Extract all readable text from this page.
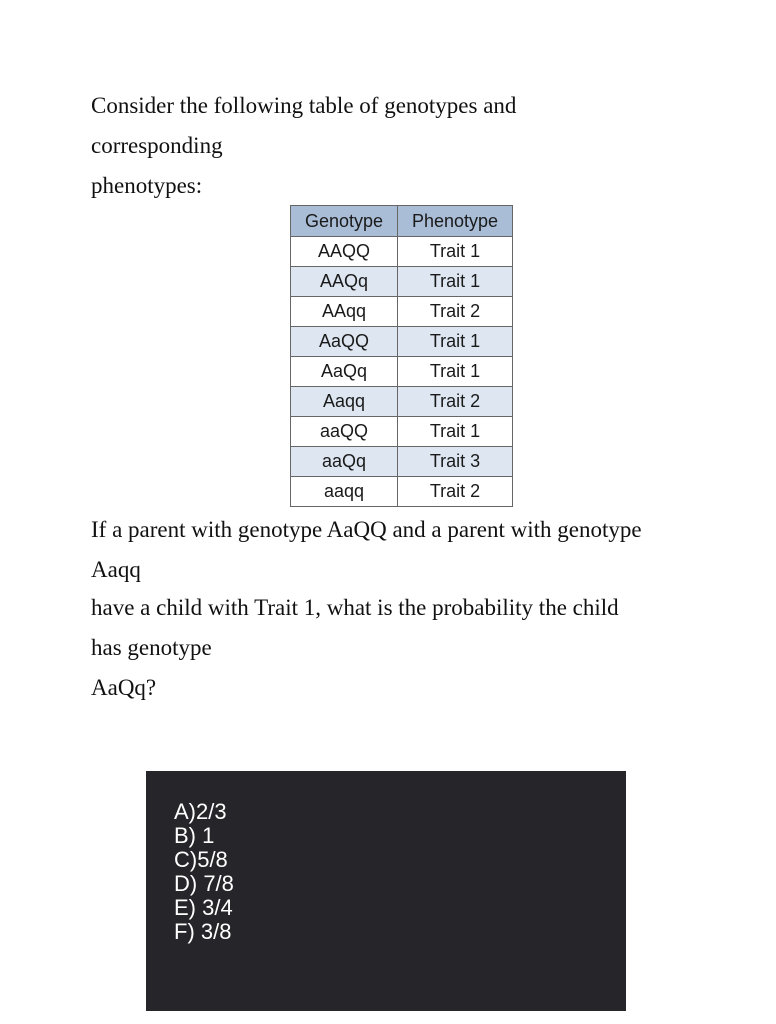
Consider the following table of genotypes and
corresponding
phenotypes:
Genotype	Phenotype
AAQQ	Trait 1
AAQq	Trait 1
AAqq	Trait 2
AaQQ	Trait 1
AaQq	Trait 1
Aaqq	Trait 2
aaQQ	Trait 1
aaQq	Trait 3
aaqq	Trait 2
If a parent with genotype AaQQ and a parent with genotype
Aaqq
have a child with Trait 1, what is the probability the child
has genotype
AaQq?
A)2/3
B) 1
C)5/8
D) 7/8
E) 3/4
F) 3/8
